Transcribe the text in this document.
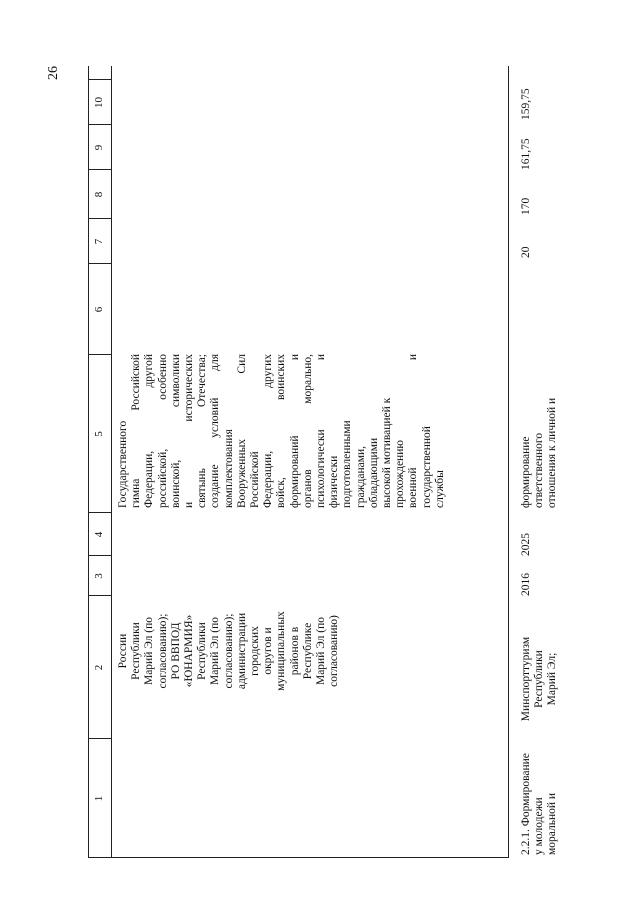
26
1
2
3
4
5
6
7
8
9
10
России Республики Марий Эл (по согласованию); РО ВВПОД «ЮНАРМИЯ» Республики Марий Эл (по согласованию); администрации городских округов и муниципальных районов в Республике Марий Эл (по согласованию)
Государственного гимна Российской Федерации, другой российской, особенно воинской, символики и исторических святынь Отечества; создание условий для комплектования Вооруженных Сил Российской Федерации, других войск, воинских формирований и органов морально, психологически и физически подготовленными гражданами, обладающими высокой мотивацией к прохождению военной и государственной службы
2.2.1. Формирование у молодежи моральной и
Минспорттуризм Республики Марий Эл;
2016
2025
формирование ответственного отношения к личной и
20
170
161,75
159,75
